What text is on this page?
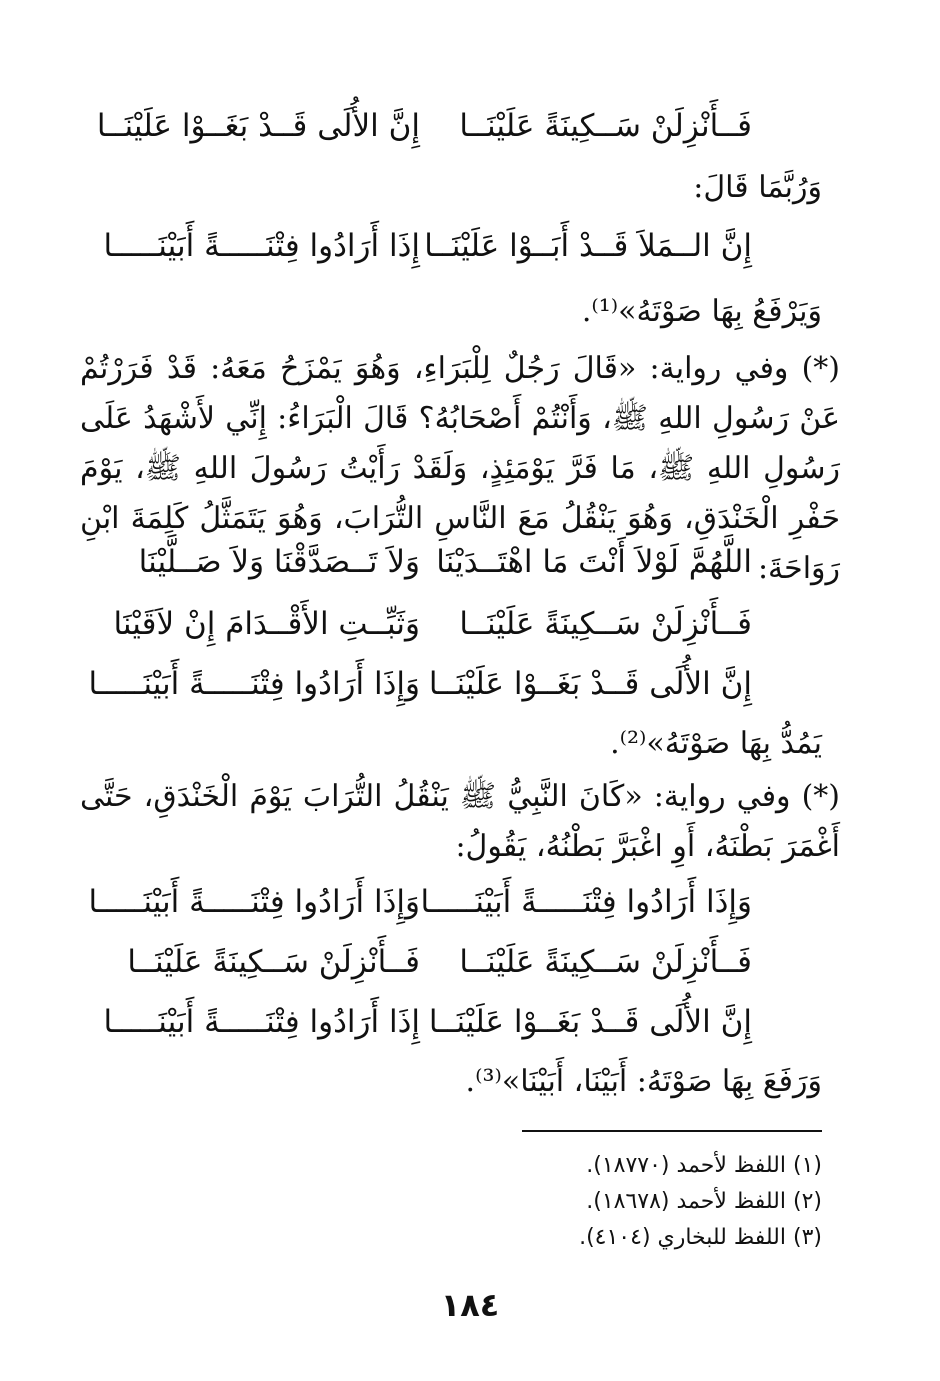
فَــأَنْزِلَنْ سَــكِينَةً عَلَيْنَــا
إِنَّ الأُلَى قَــدْ بَغَــوْا عَلَيْنَــا
وَرُبَّمَا قَالَ:
إِنَّ الــمَلاَ قَــدْ أَبَــوْا عَلَيْنَــا
إِذَا أَرَادُوا فِتْنَـــــةً أَبَيْنَـــــا
وَيَرْفَعُ بِهَا صَوْتَهُ»⁽¹⁾.
(*) وفي رواية: «قَالَ رَجُلٌ لِلْبَرَاءِ، وَهُوَ يَمْزَحُ مَعَهُ: قَدْ فَرَرْتُمْ عَنْ رَسُولِ اللهِ ﷺ، وَأَنْتُمْ أَصْحَابُهُ؟ قَالَ الْبَرَاءُ: إِنِّي لأَشْهَدُ عَلَى رَسُولِ اللهِ ﷺ، مَا فَرَّ يَوْمَئِذٍ، وَلَقَدْ رَأَيْتُ رَسُولَ اللهِ ﷺ، يَوْمَ حَفْرِ الْخَنْدَقِ، وَهُوَ يَنْقُلُ مَعَ النَّاسِ التُّرَابَ، وَهُوَ يَتَمَثَّلُ كَلِمَةَ ابْنِ رَوَاحَةَ:
اللَّهُمَّ لَوْلاَ أَنْتَ مَا اهْتَــدَيْنَا
وَلاَ تَــصَدَّقْنَا وَلاَ صَــلَّيْنَا
فَــأَنْزِلَنْ سَــكِينَةً عَلَيْنَــا
وَثَبِّــتِ الأَقْــدَامَ إِنْ لاَقَيْنَا
إِنَّ الأُلَى قَــدْ بَغَــوْا عَلَيْنَــا
وَإِذَا أَرَادُوا فِتْنَـــــةً أَبَيْنَـــــا
يَمُدُّ بِهَا صَوْتَهُ»⁽²⁾.
(*) وفي رواية: «كَانَ النَّبِيُّ ﷺ يَنْقُلُ التُّرَابَ يَوْمَ الْخَنْدَقِ، حَتَّى أَغْمَرَ بَطْنَهُ، أَوِ اغْبَرَّ بَطْنُهُ، يَقُولُ:
وَإِذَا أَرَادُوا فِتْنَـــــةً أَبَيْنَـــــا
وَإِذَا أَرَادُوا فِتْنَـــــةً أَبَيْنَـــــا
فَــأَنْزِلَنْ سَــكِينَةً عَلَيْنَــا
فَــأَنْزِلَنْ سَــكِينَةً عَلَيْنَــا
إِنَّ الأُلَى قَــدْ بَغَــوْا عَلَيْنَــا
إِذَا أَرَادُوا فِتْنَـــــةً أَبَيْنَـــــا
وَرَفَعَ بِهَا صَوْتَهُ: أَبَيْنَا، أَبَيْنَا»⁽³⁾.
(١) اللفظ لأحمد (١٨٧٧٠).
(٢) اللفظ لأحمد (١٨٦٧٨).
(٣) اللفظ للبخاري (٤١٠٤).
١٨٤
